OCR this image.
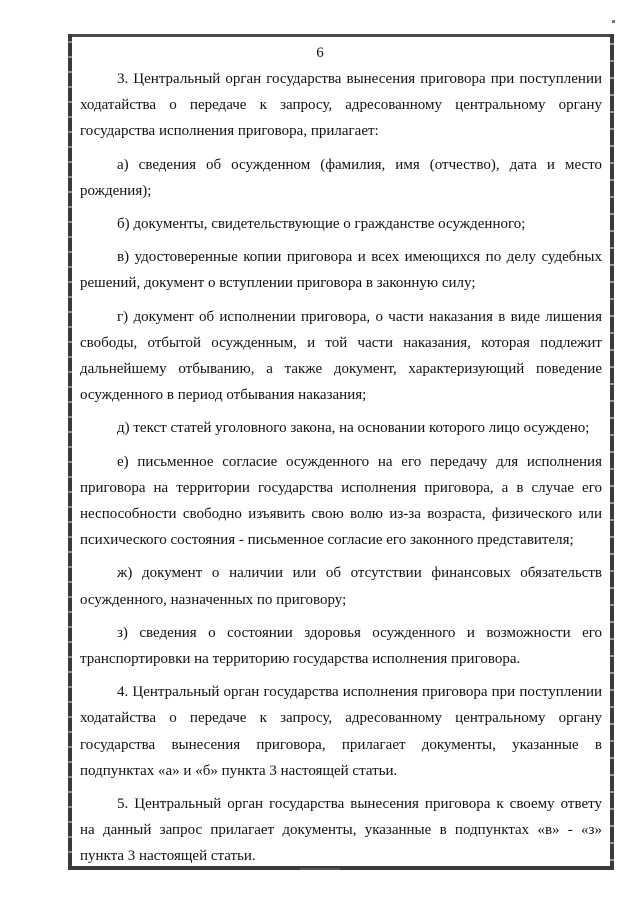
6

3. Центральный орган государства вынесения приговора при поступлении ходатайства о передаче к запросу, адресованному центральному органу государства исполнения приговора, прилагает:

а) сведения об осужденном (фамилия, имя (отчество), дата и место рождения);

б) документы, свидетельствующие о гражданстве осужденного;

в) удостоверенные копии приговора и всех имеющихся по делу судебных решений, документ о вступлении приговора в законную силу;

г) документ об исполнении приговора, о части наказания в виде лишения свободы, отбытой осужденным, и той части наказания, которая подлежит дальнейшему отбыванию, а также документ, характеризующий поведение осужденного в период отбывания наказания;

д) текст статей уголовного закона, на основании которого лицо осуждено;

е) письменное согласие осужденного на его передачу для исполнения приговора на территории государства исполнения приговора, а в случае его неспособности свободно изъявить свою волю из-за возраста, физического или психического состояния - письменное согласие его законного представителя;

ж) документ о наличии или об отсутствии финансовых обязательств осужденного, назначенных по приговору;

з) сведения о состоянии здоровья осужденного и возможности его транспортировки на территорию государства исполнения приговора.

4. Центральный орган государства исполнения приговора при поступлении ходатайства о передаче к запросу, адресованному центральному органу государства вынесения приговора, прилагает документы, указанные в подпунктах «а» и «б» пункта 3 настоящей статьи.

5. Центральный орган государства вынесения приговора к своему ответу на данный запрос прилагает документы, указанные в подпунктах «в» - «з» пункта 3 настоящей статьи.
